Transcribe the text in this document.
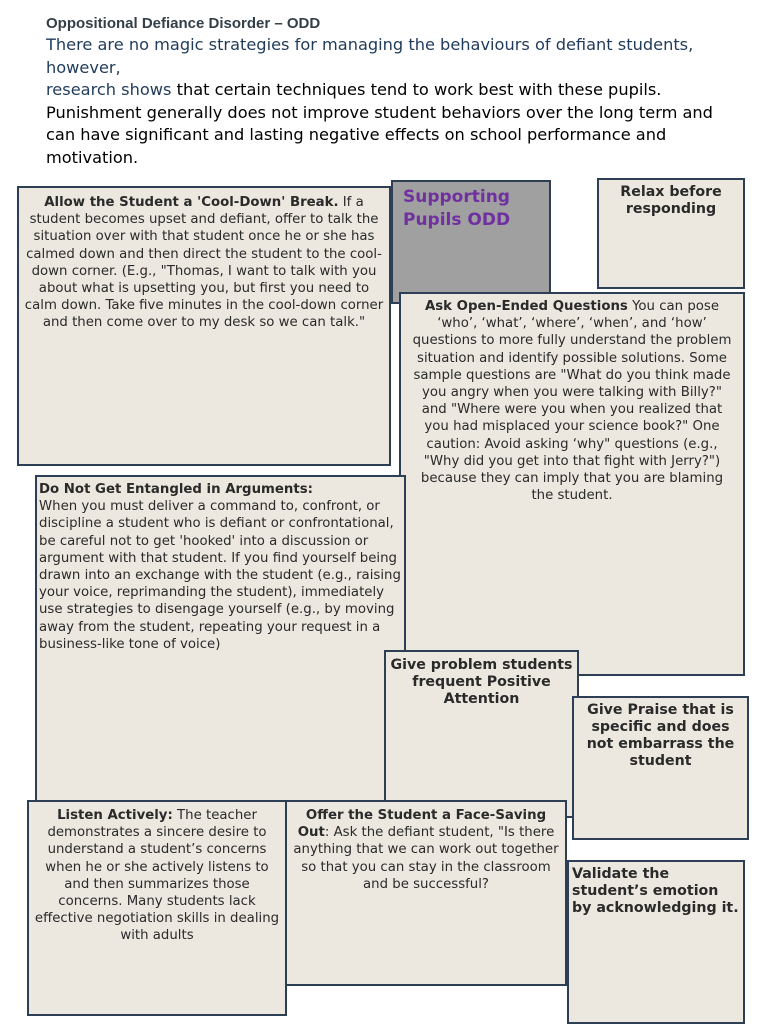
Oppositional Defiance Disorder – ODD

There are no magic strategies for managing the behaviours of defiant students, however,
research shows that certain techniques tend to work best with these pupils. Punishment generally does not improve student behaviors over the long term and can have significant and lasting negative effects on school performance and motivation.

Allow the Student a 'Cool-Down' Break. If a student becomes upset and defiant, offer to talk the situation over with that student once he or she has calmed down and then direct the student to the cool-down corner. (E.g., "Thomas, I want to talk with you about what is upsetting you, but first you need to calm down. Take five minutes in the cool-down corner and then come over to my desk so we can talk."
Supporting Pupils ODD
Relax before responding
Ask Open-Ended Questions You can pose ‘who’, ‘what’, ‘where’, ‘when’, and ‘how’ questions to more fully understand the problem situation and identify possible solutions. Some sample questions are "What do you think made you angry when you were talking with Billy?" and "Where were you when you realized that you had misplaced your science book?" One caution: Avoid asking ‘why" questions (e.g., "Why did you get into that fight with Jerry?") because they can imply that you are blaming the student.
Do Not Get Entangled in Arguments:
When you must deliver a command to, confront, or discipline a student who is defiant or confrontational, be careful not to get 'hooked' into a discussion or argument with that student. If you find yourself being drawn into an exchange with the student (e.g., raising your voice, reprimanding the student), immediately use strategies to disengage yourself (e.g., by moving away from the student, repeating your request in a business-like tone of voice)
Give problem students frequent Positive Attention
Give Praise that is specific and does not embarrass the student
Listen Actively: The teacher demonstrates a sincere desire to understand a student’s concerns when he or she actively listens to and then summarizes those concerns. Many students lack effective negotiation skills in dealing with adults
Offer the Student a Face-Saving Out: Ask the defiant student, "Is there anything that we can work out together so that you can stay in the classroom and be successful?
Validate the student’s emotion by acknowledging it.
